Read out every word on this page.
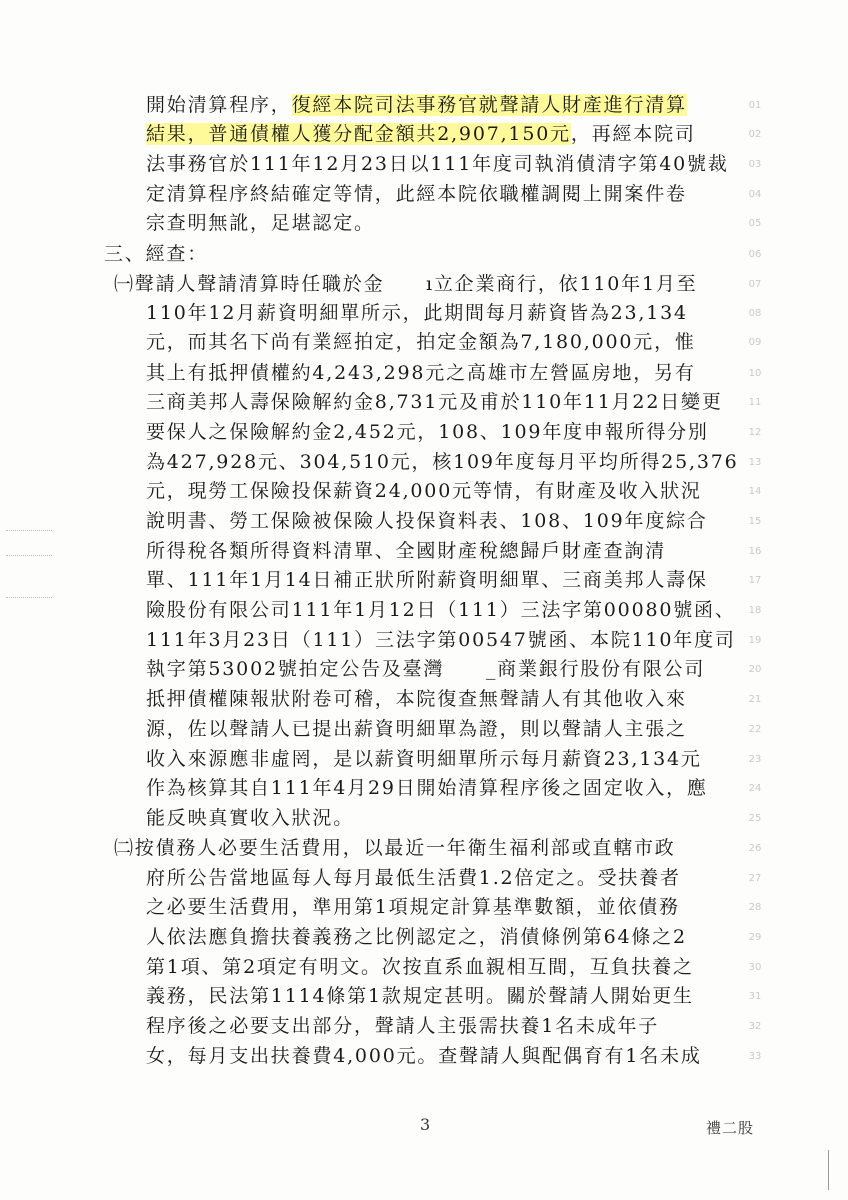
開始清算程序，復經本院司法事務官就聲請人財產進行清算	01
結果，普通債權人獲分配金額共2,907,150元，再經本院司	02
法事務官於111年12月23日以111年度司執消債清字第40號裁	03
定清算程序終結確定等情，此經本院依職權調閱上開案件卷	04
宗查明無訛，足堪認定。	05
三、經查：	06
㈠聲請人聲請清算時任職於金　　ı立企業商行，依110年1月至	07
110年12月薪資明細單所示，此期間每月薪資皆為23,134	08
元，而其名下尚有業經拍定，拍定金額為7,180,000元，惟	09
其上有抵押債權約4,243,298元之高雄市左營區房地，另有	10
三商美邦人壽保險解約金8,731元及甫於110年11月22日變更	11
要保人之保險解約金2,452元，108、109年度申報所得分別	12
為427,928元、304,510元，核109年度每月平均所得25,376	13
元，現勞工保險投保薪資24,000元等情，有財產及收入狀況	14
說明書、勞工保險被保險人投保資料表、108、109年度綜合	15
所得稅各類所得資料清單、全國財產稅總歸戶財產查詢清	16
單、111年1月14日補正狀所附薪資明細單、三商美邦人壽保	17
險股份有限公司111年1月12日（111）三法字第00080號函、	18
111年3月23日（111）三法字第00547號函、本院110年度司	19
執字第53002號拍定公告及臺灣　　_商業銀行股份有限公司	20
抵押債權陳報狀附卷可稽，本院復查無聲請人有其他收入來	21
源，佐以聲請人已提出薪資明細單為證，則以聲請人主張之	22
收入來源應非虛罔，是以薪資明細單所示每月薪資23,134元	23
作為核算其自111年4月29日開始清算程序後之固定收入，應	24
能反映真實收入狀況。	25
㈡按債務人必要生活費用，以最近一年衛生福利部或直轄市政	26
府所公告當地區每人每月最低生活費1.2倍定之。受扶養者	27
之必要生活費用，準用第1項規定計算基準數額，並依債務	28
人依法應負擔扶養義務之比例認定之，消債條例第64條之2	29
第1項、第2項定有明文。次按直系血親相互間，互負扶養之	30
義務，民法第1114條第1款規定甚明。關於聲請人開始更生	31
程序後之必要支出部分，聲請人主張需扶養1名未成年子	32
女，每月支出扶養費4,000元。查聲請人與配偶育有1名未成	33
3	禮二股
